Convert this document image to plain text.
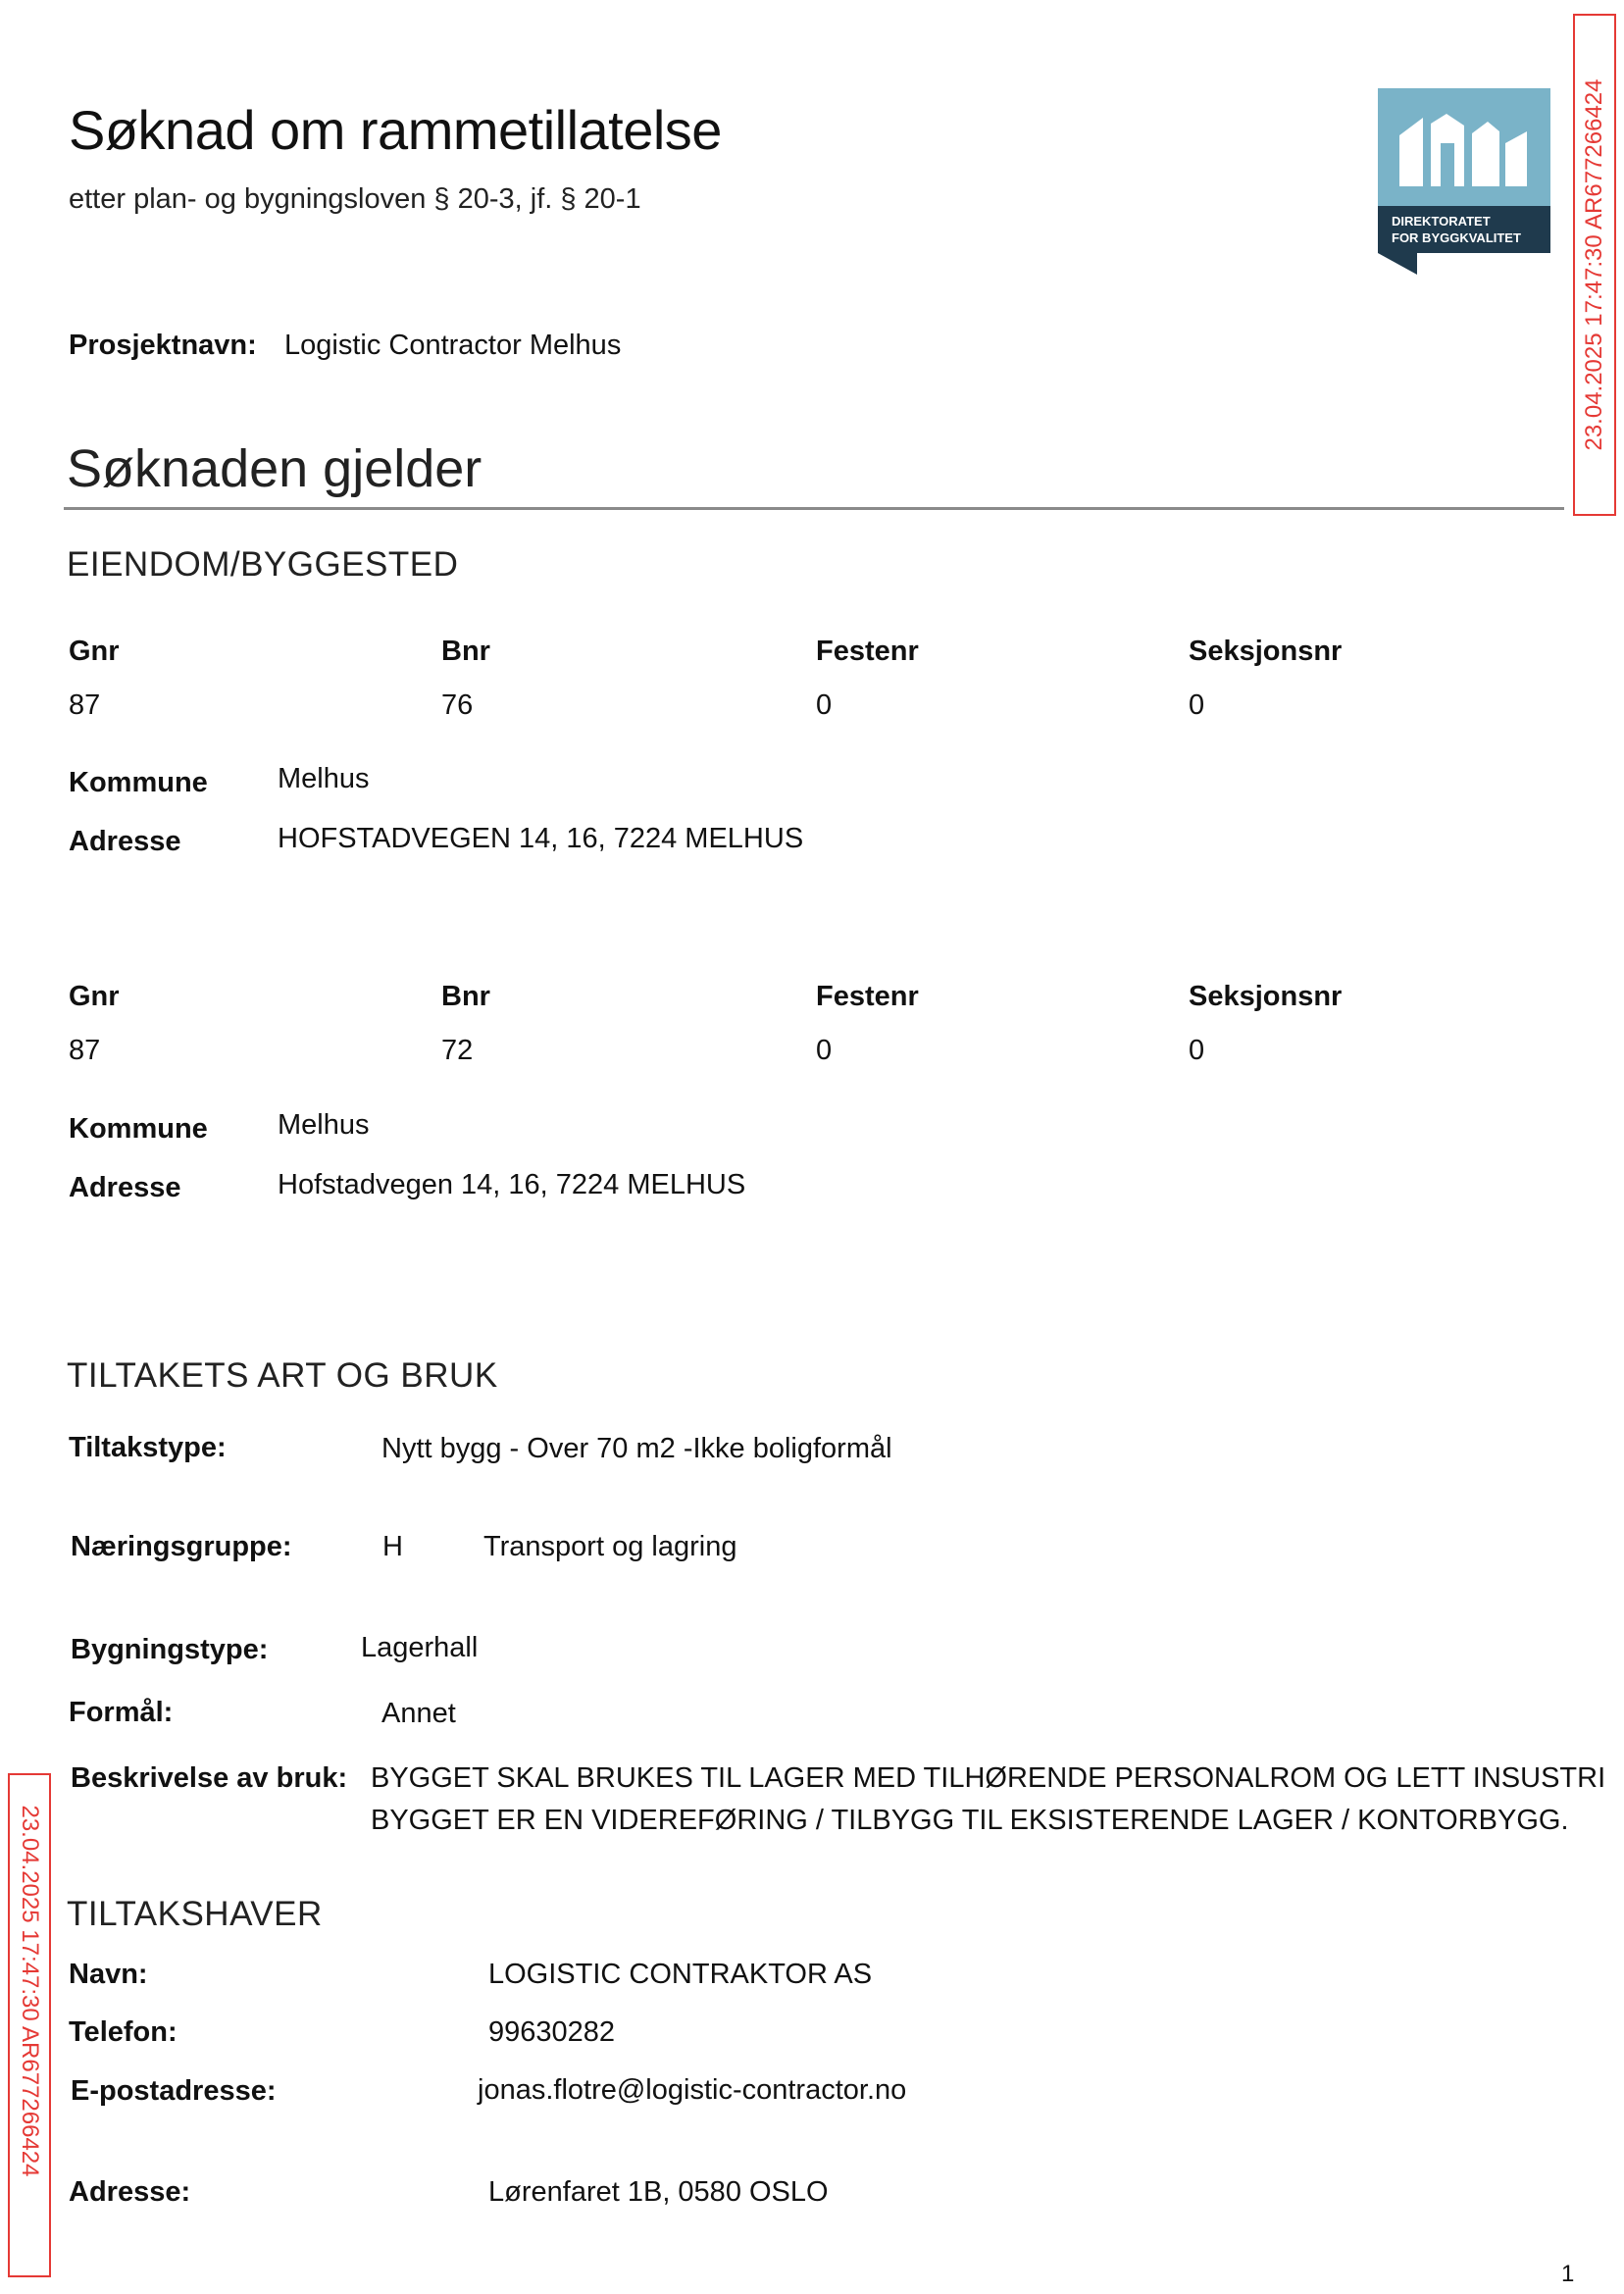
Søknad om rammetillatelse
etter plan- og bygningsloven § 20-3, jf. § 20-1
DIREKTORATET
FOR BYGGKVALITET	23.04.2025 17:47:30 AR677266424
23.04.2025 17:47:30 AR677266424
Prosjektnavn: Logistic Contractor Melhus
Søknaden gjelder
EIENDOM/BYGGESTED
Gnr	Bnr	Festenr	Seksjonsnr
87	76	0	0
Kommune Melhus
Adresse	HOFSTADVEGEN 14, 16, 7224 MELHUS
Gnr	Bnr	Festenr	Seksjonsnr
87	72	0	0
Kommune Melhus
Adresse	Hofstadvegen 14, 16, 7224 MELHUS
TILTAKETS ART OG BRUK
Tiltakstype:	Nytt bygg - Over 70 m2 -Ikke boligformål
Næringsgruppe:	H	Transport og lagring
Bygningstype:	Lagerhall
Formål:	Annet
Beskrivelse av bruk: BYGGET SKAL BRUKES TIL LAGER MED TILHØRENDE PERSONALROM OG LETT INSUSTRI
BYGGET ER EN VIDEREFØRING / TILBYGG TIL EKSISTERENDE LAGER / KONTORBYGG.
TILTAKSHAVER
Navn:	LOGISTIC CONTRAKTOR AS
Telefon:	99630282
E-postadresse:	jonas.flotre@logistic-contractor.no
Adresse:	Lørenfaret 1B, 0580 OSLO
1
